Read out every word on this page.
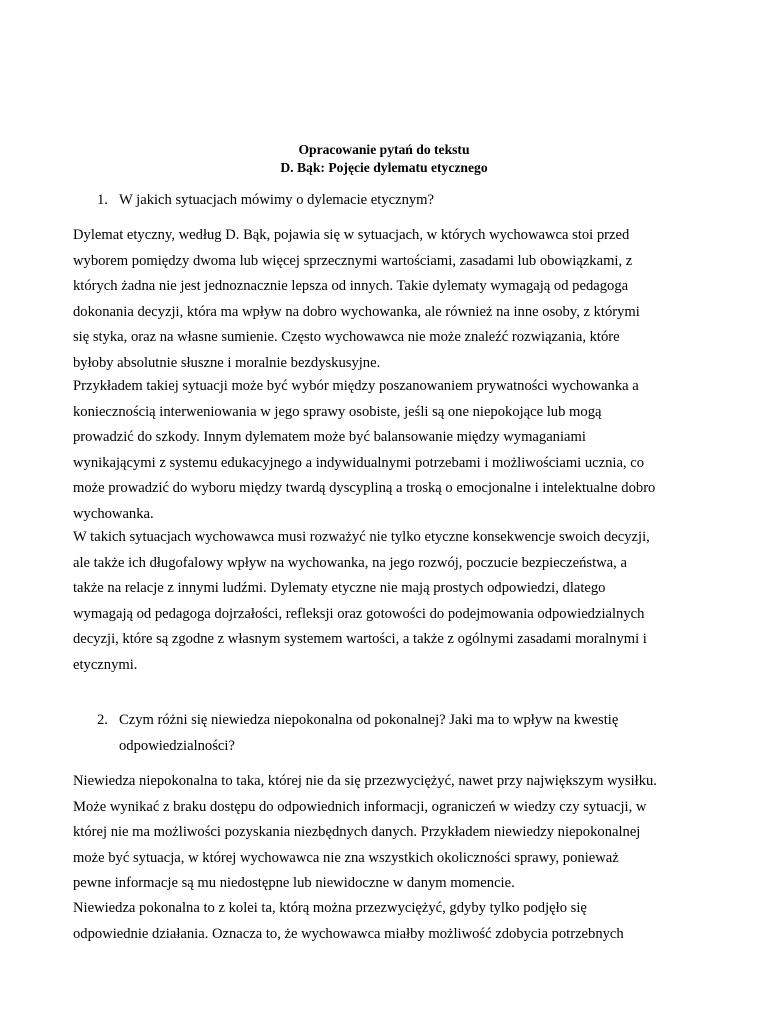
Opracowanie pytań do tekstu
D. Bąk: Pojęcie dylematu etycznego
1. W jakich sytuacjach mówimy o dylemacie etycznym?
Dylemat etyczny, według D. Bąk, pojawia się w sytuacjach, w których wychowawca stoi przed
wyborem pomiędzy dwoma lub więcej sprzecznymi wartościami, zasadami lub obowiązkami, z
których żadna nie jest jednoznacznie lepsza od innych. Takie dylematy wymagają od pedagoga
dokonania decyzji, która ma wpływ na dobro wychowanka, ale również na inne osoby, z którymi
się styka, oraz na własne sumienie. Często wychowawca nie może znaleźć rozwiązania, które
byłoby absolutnie słuszne i moralnie bezdyskusyjne.
Przykładem takiej sytuacji może być wybór między poszanowaniem prywatności wychowanka a
koniecznością interweniowania w jego sprawy osobiste, jeśli są one niepokojące lub mogą
prowadzić do szkody. Innym dylematem może być balansowanie między wymaganiami
wynikającymi z systemu edukacyjnego a indywidualnymi potrzebami i możliwościami ucznia, co
może prowadzić do wyboru między twardą dyscypliną a troską o emocjonalne i intelektualne dobro
wychowanka.
W takich sytuacjach wychowawca musi rozważyć nie tylko etyczne konsekwencje swoich decyzji,
ale także ich długofalowy wpływ na wychowanka, na jego rozwój, poczucie bezpieczeństwa, a
także na relacje z innymi ludźmi. Dylematy etyczne nie mają prostych odpowiedzi, dlatego
wymagają od pedagoga dojrzałości, refleksji oraz gotowości do podejmowania odpowiedzialnych
decyzji, które są zgodne z własnym systemem wartości, a także z ogólnymi zasadami moralnymi i
etycznymi.
2. Czym różni się niewiedza niepokonalna od pokonalnej? Jaki ma to wpływ na kwestię
odpowiedzialności?
Niewiedza niepokonalna to taka, której nie da się przezwyciężyć, nawet przy największym wysiłku.
Może wynikać z braku dostępu do odpowiednich informacji, ograniczeń w wiedzy czy sytuacji, w
której nie ma możliwości pozyskania niezbędnych danych. Przykładem niewiedzy niepokonalnej
może być sytuacja, w której wychowawca nie zna wszystkich okoliczności sprawy, ponieważ
pewne informacje są mu niedostępne lub niewidoczne w danym momencie.
Niewiedza pokonalna to z kolei ta, którą można przezwyciężyć, gdyby tylko podjęło się
odpowiednie działania. Oznacza to, że wychowawca miałby możliwość zdobycia potrzebnych
